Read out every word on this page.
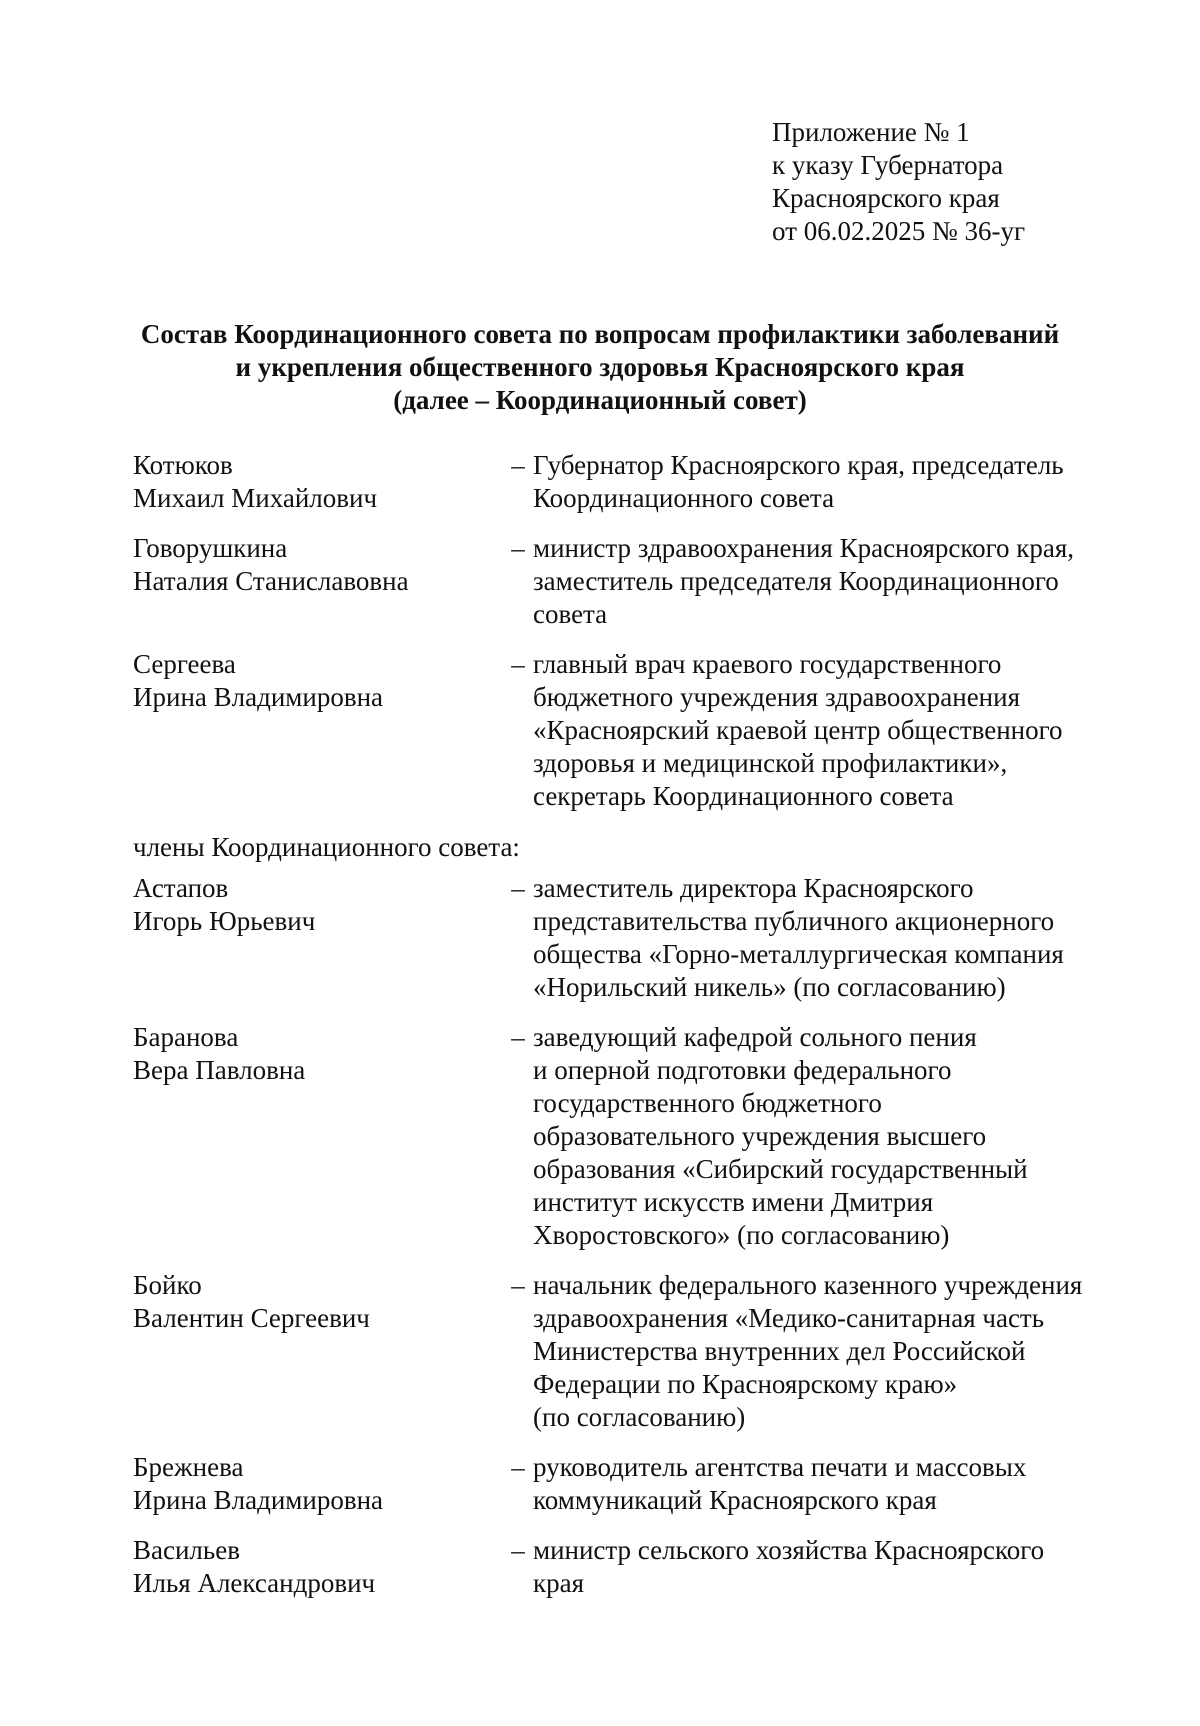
Приложение № 1
к указу Губернатора
Красноярского края
от 06.02.2025 № 36-уг
Состав Координационного совета по вопросам профилактики заболеваний
и укрепления общественного здоровья Красноярского края
(далее – Координационный совет)
Котюков
Михаил Михайлович
– Губернатор Красноярского края, председатель
Координационного совета
Говорушкина
Наталия Станиславовна
– министр здравоохранения Красноярского края,
заместитель председателя Координационного
совета
Сергеева
Ирина Владимировна
– главный врач краевого государственного
бюджетного учреждения здравоохранения
«Красноярский краевой центр общественного
здоровья и медицинской профилактики»,
секретарь Координационного совета
члены Координационного совета:
Астапов
Игорь Юрьевич
– заместитель директора Красноярского
представительства публичного акционерного
общества «Горно-металлургическая компания
«Норильский никель» (по согласованию)
Баранова
Вера Павловна
– заведующий кафедрой сольного пения
и оперной подготовки федерального
государственного бюджетного
образовательного учреждения высшего
образования «Сибирский государственный
институт искусств имени Дмитрия
Хворостовского» (по согласованию)
Бойко
Валентин Сергеевич
– начальник федерального казенного учреждения
здравоохранения «Медико-санитарная часть
Министерства внутренних дел Российской
Федерации по Красноярскому краю»
(по согласованию)
Брежнева
Ирина Владимировна
– руководитель агентства печати и массовых
коммуникаций Красноярского края
Васильев
Илья Александрович
– министр сельского хозяйства Красноярского
края
